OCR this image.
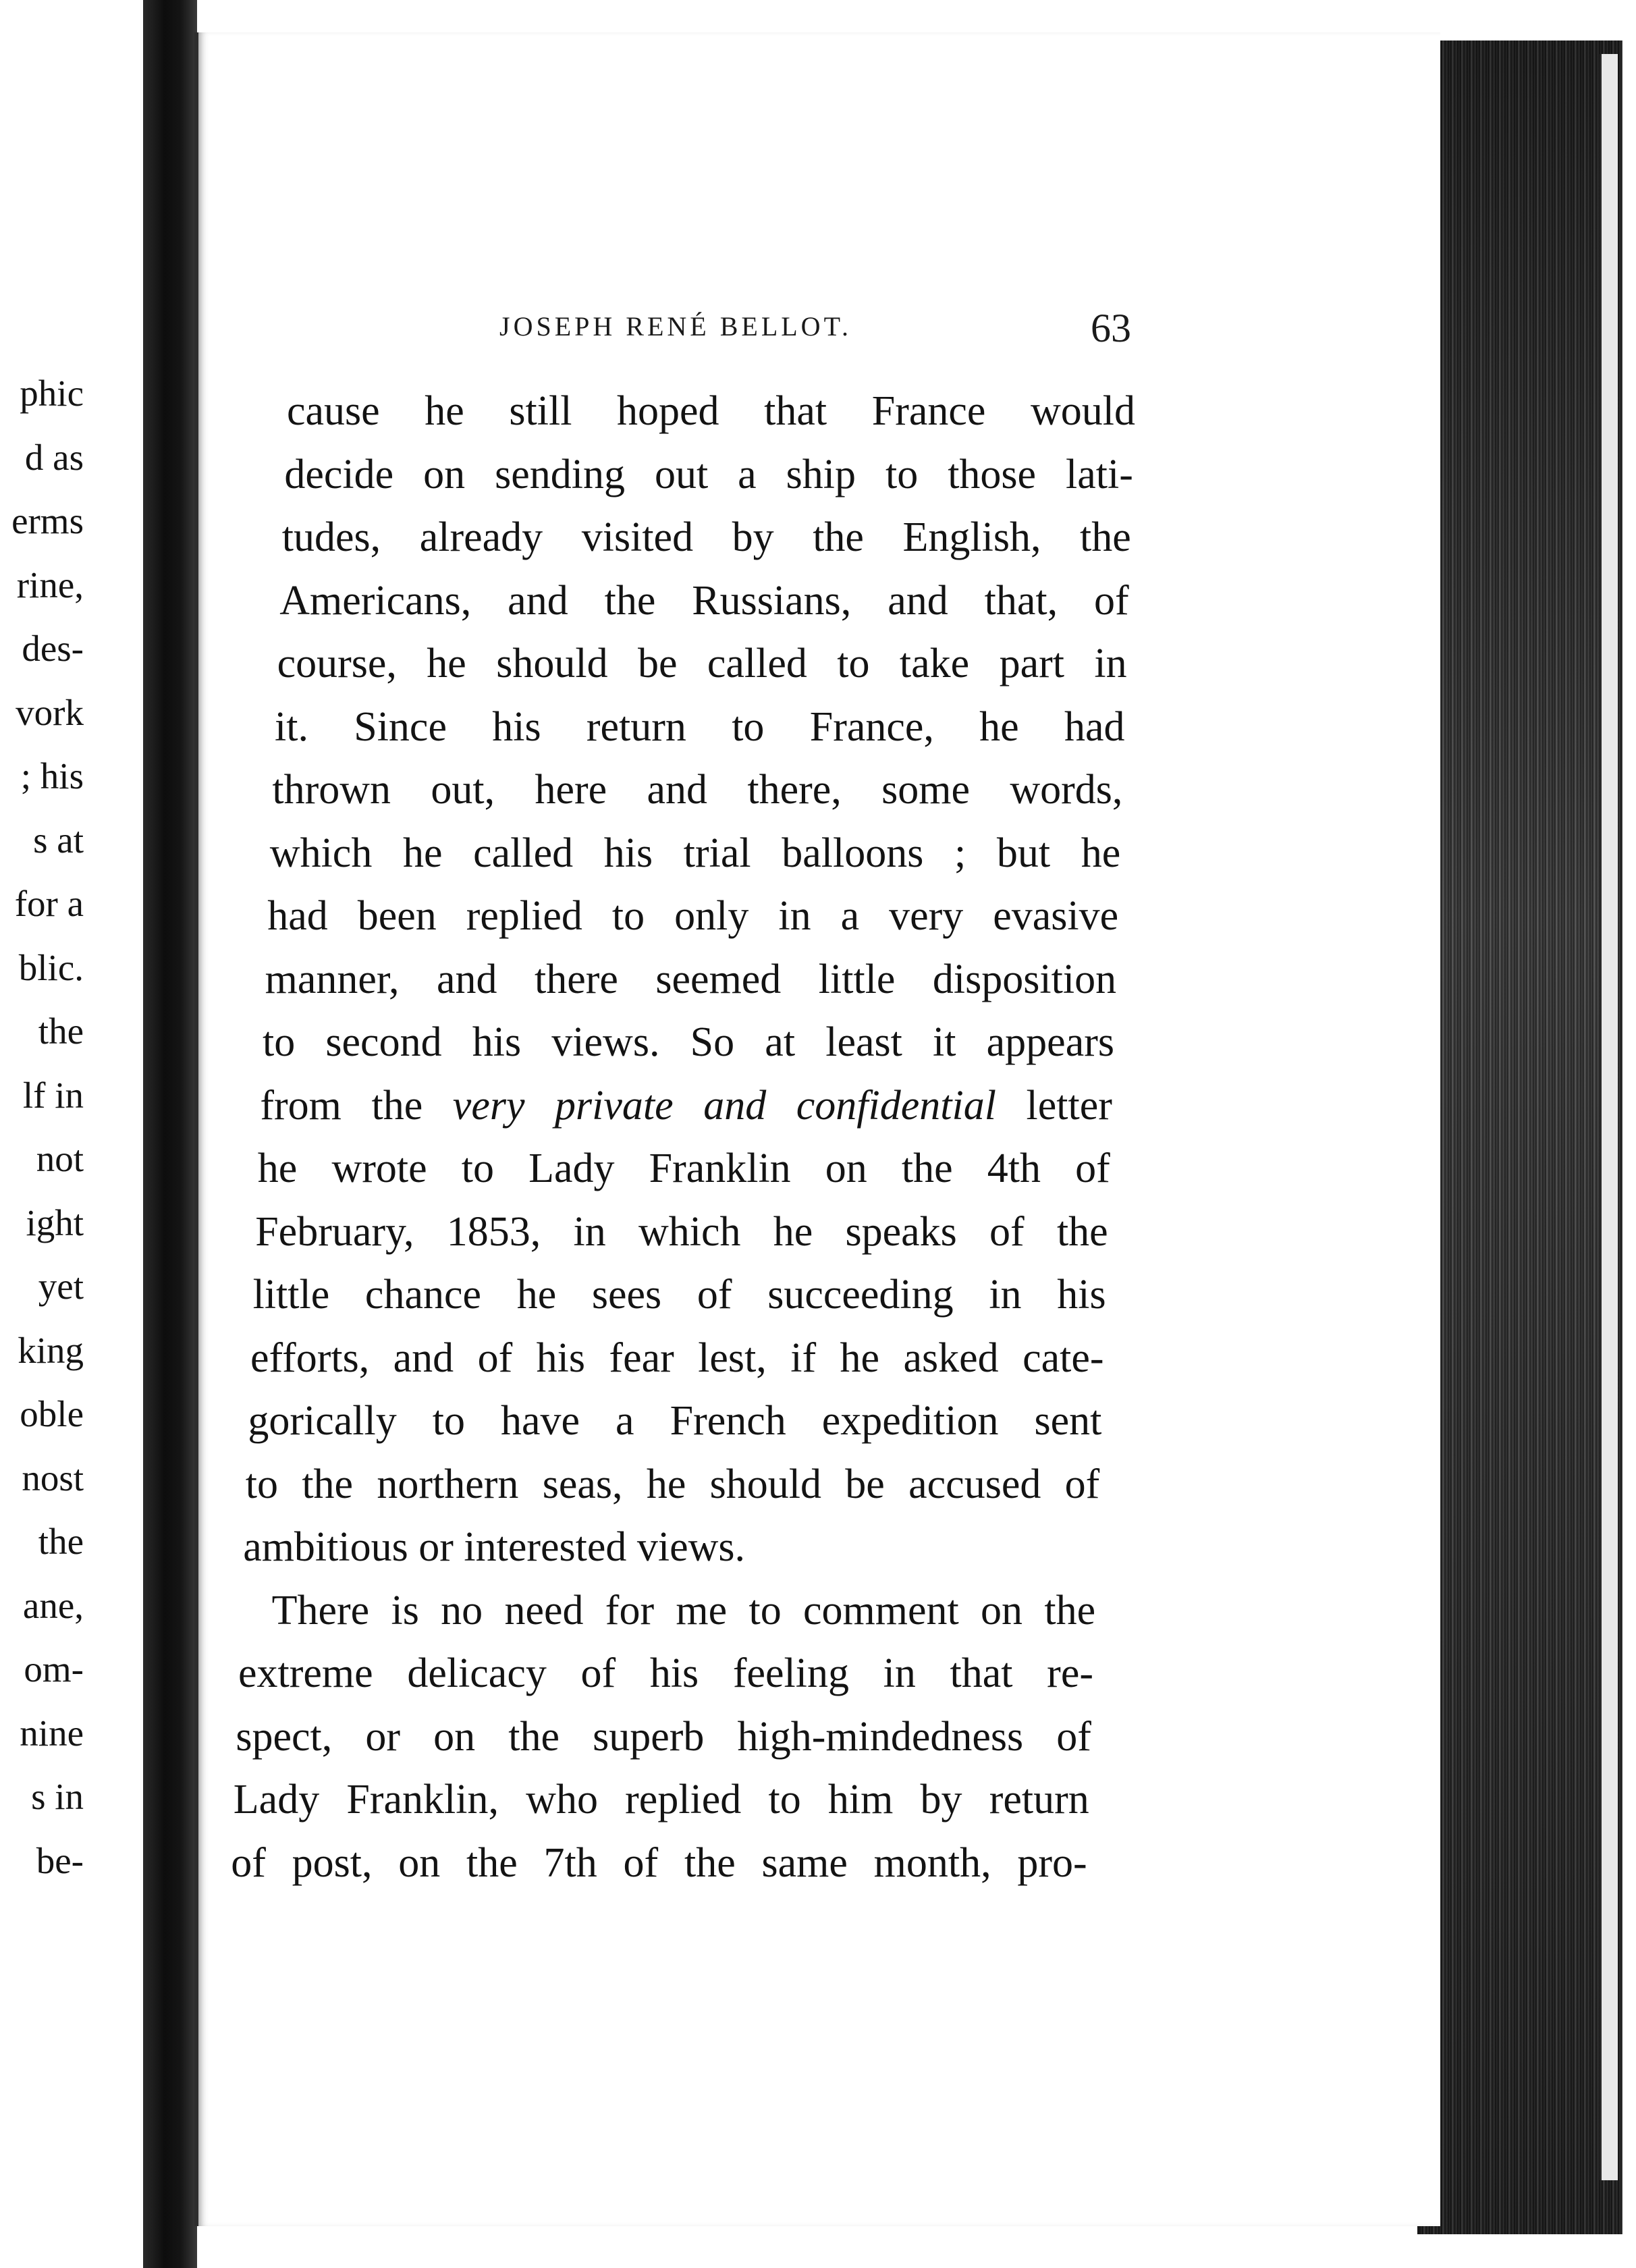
phic
d as
erms
rine,
des-
vork
; his
s at
for a
blic.
the
lf in
not
ight
yet
king
oble
nost
the
ane,
om-
nine
s in
be-
JOSEPH RENÉ BELLOT.	63
cause he still hoped that France would
decide on sending out a ship to those lati-
tudes, already visited by the English, the
Americans, and the Russians, and that, of
course, he should be called to take part in
it. Since his return to France, he had
thrown out, here and there, some words,
which he called his trial balloons ; but he
had been replied to only in a very evasive
manner, and there seemed little disposition
to second his views. So at least it appears
from the very private and confidential letter
he wrote to Lady Franklin on the 4th of
February, 1853, in which he speaks of the
little chance he sees of succeeding in his
efforts, and of his fear lest, if he asked cate-
gorically to have a French expedition sent
to the northern seas, he should be accused of
ambitious or interested views.
There is no need for me to comment on the
extreme delicacy of his feeling in that re-
spect, or on the superb high-mindedness of
Lady Franklin, who replied to him by return
of post, on the 7th of the same month, pro-
